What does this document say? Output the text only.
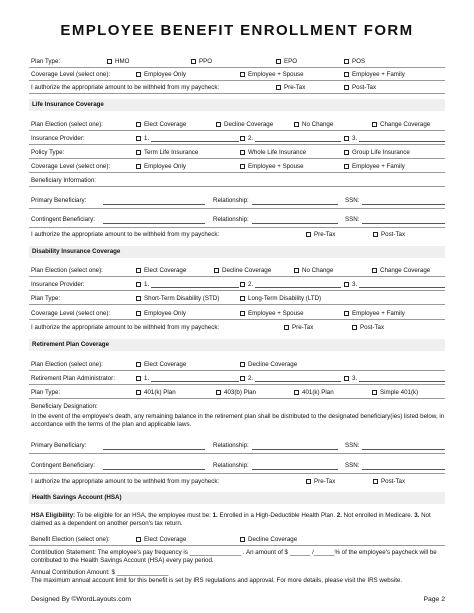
EMPLOYEE BENEFIT ENROLLMENT FORM
Plan Type:	HMO	PPO	EPO	POS
Coverage Level (select one):	Employee Only	Employee + Spouse	Employee + Family
I authorize the appropriate amount to be withheld from my paycheck:	Pre-Tax	Post-Tax
Life Insurance Coverage
Plan Election (select one):	Elect Coverage	Decline Coverage	No Change	Change Coverage
Insurance Provider:	1.	2.	3.
Policy Type:	Term Life Insurance	Whole Life Insurance	Group Life Insurance
Coverage Level (select one):	Employee Only	Employee + Spouse	Employee + Family
Beneficiary Information:
Primary Beneficiary:	Relationship:	SSN:
Contingent Beneficiary:	Relationship:	SSN:
I authorize the appropriate amount to be withheld from my paycheck:	Pre-Tax	Post-Tax
Disability Insurance Coverage
Plan Election (select one):	Elect Coverage	Decline Coverage	No Change	Change Coverage
Insurance Provider:	1.	2.	3.
Plan Type:	Short-Term Disability (STD)	Long-Term Disability (LTD)
Coverage Level (select one):	Employee Only	Employee + Spouse	Employee + Family
I authorize the appropriate amount to be withheld from my paycheck:	Pre-Tax	Post-Tax
Retirement Plan Coverage
Plan Election (select one):	Elect Coverage	Decline Coverage
Retirement Plan Administrator:	1.	2.	3.
Plan Type:	401(k) Plan	403(b) Plan	401(k) Plan	Simple 401(k)
Beneficiary Designation:
In the event of the employee's death, any remaining balance in the retirement plan shall be distributed to the designated beneficiary(ies) listed below, in accordance with the terms of the plan and applicable laws.
Primary Beneficiary:	Relationship:	SSN:
Contingent Beneficiary:	Relationship:	SSN:
I authorize the appropriate amount to be withheld from my paycheck:	Pre-Tax	Post-Tax
Health Savings Account (HSA)
HSA Eligibility: To be eligible for an HSA, the employee must be: 1. Enrolled in a High-Deductible Health Plan. 2. Not enrolled in Medicare. 3. Not claimed as a dependent on another person's tax return.
Benefit Election (select one):	Elect Coverage	Decline Coverage
Contribution Statement: The employee's pay frequency is _______________ . An amount of $ ______ /______% of the employee's paycheck will be contributed to the Health Savings Account (HSA) every pay period.
Annual Contribution Amount: $ _______________
The maximum annual account limit for this benefit is set by IRS regulations and approval. For more details, please visit the IRS website.
Designed By ©WordLayouts.com	Page 2
